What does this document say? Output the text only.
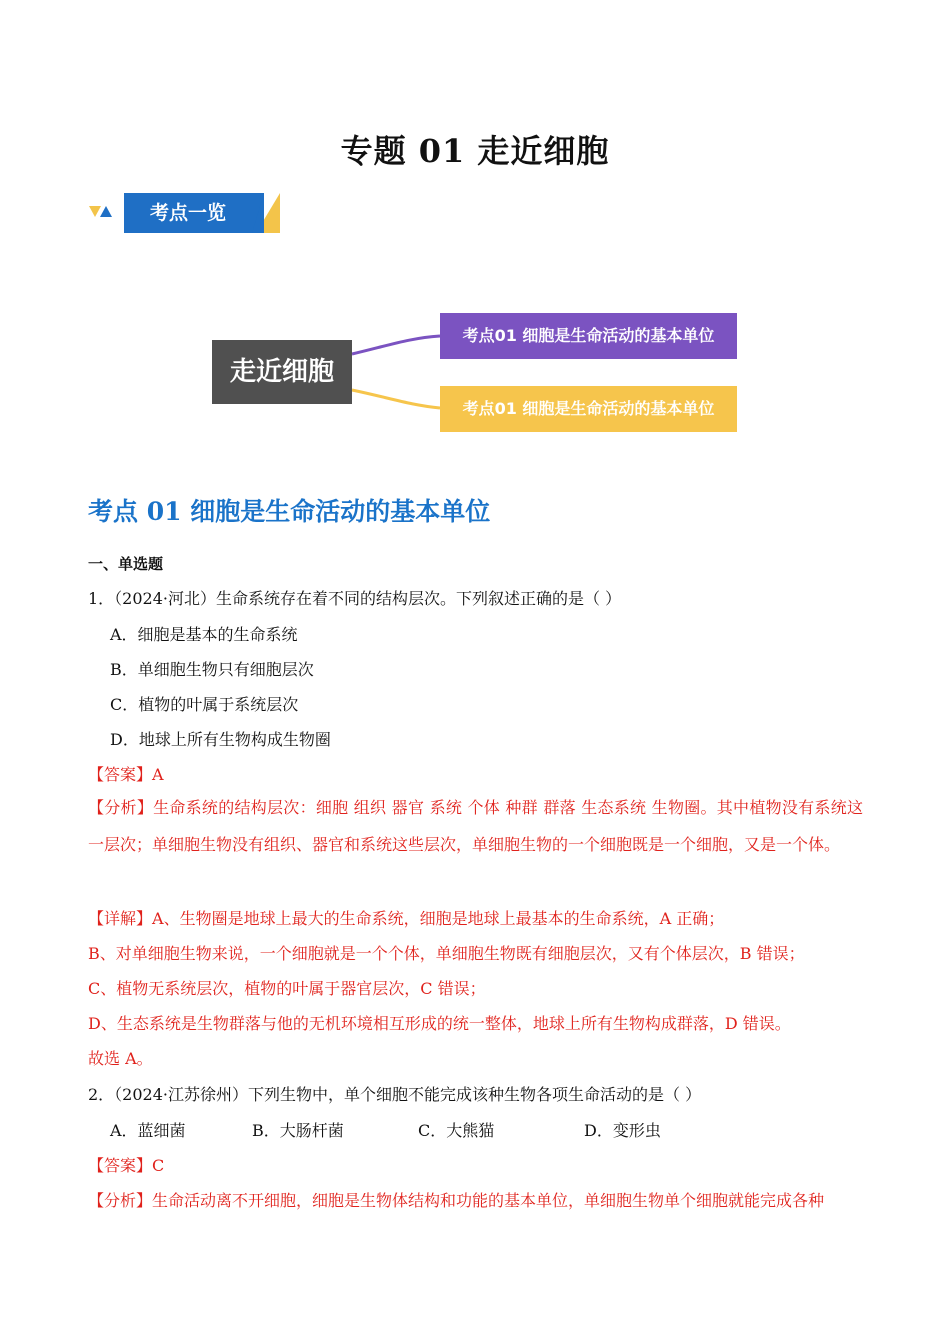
专题 01 走近细胞
考点一览
走近细胞
考点01 细胞是生命活动的基本单位
考点01 细胞是生命活动的基本单位
考点 01 细胞是生命活动的基本单位
一、单选题
1．（2024·河北）生命系统存在着不同的结构层次。下列叙述正确的是（ ）
A．细胞是基本的生命系统
B．单细胞生物只有细胞层次
C．植物的叶属于系统层次
D．地球上所有生物构成生物圈
【答案】A
【分析】生命系统的结构层次：细胞 组织 器官 系统 个体 种群 群落 生态系统 生物圈。其中植物没有系统这一层次；单细胞生物没有组织、器官和系统这些层次，单细胞生物的一个细胞既是一个细胞，又是一个体。
【详解】A、生物圈是地球上最大的生命系统，细胞是地球上最基本的生命系统，A 正确；
B、对单细胞生物来说，一个细胞就是一个个体，单细胞生物既有细胞层次，又有个体层次，B 错误；
C、植物无系统层次，植物的叶属于器官层次，C 错误；
D、生态系统是生物群落与他的无机环境相互形成的统一整体，地球上所有生物构成群落，D 错误。
故选 A。
2．（2024·江苏徐州）下列生物中，单个细胞不能完成该种生物各项生命活动的是（ ）
A．蓝细菌	B．大肠杆菌	C．大熊猫	D．变形虫
【答案】C
【分析】生命活动离不开细胞，细胞是生物体结构和功能的基本单位，单细胞生物单个细胞就能完成各种
